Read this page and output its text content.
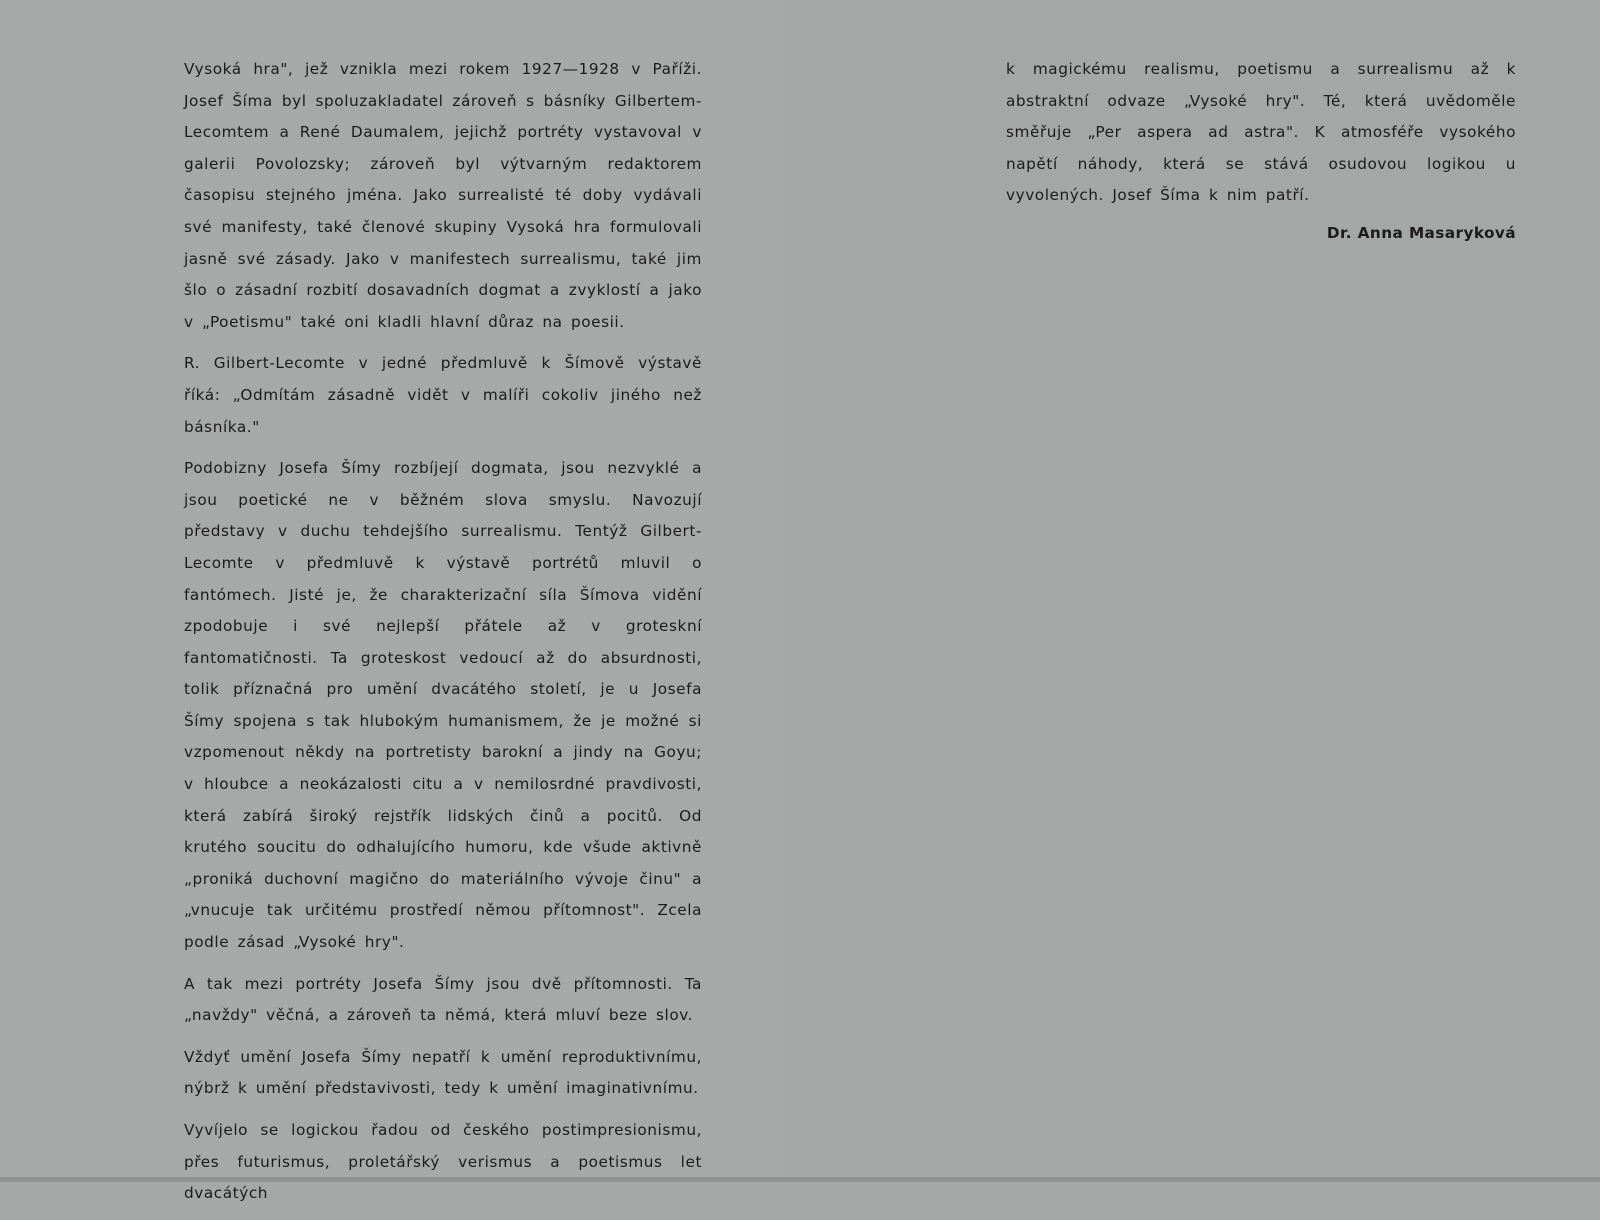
Vysoká hra", jež vznikla mezi rokem 1927—1928 v Paříži. Josef Šíma byl spoluzakladatel zároveň s básníky Gilbertem-Lecomtem a René Daumalem, jejichž portréty vystavoval v galerii Povolozsky; zároveň byl výtvarným redaktorem časopisu stejného jména. Jako surrealisté té doby vydávali své manifesty, také členové skupiny Vysoká hra formulovali jasně své zásady. Jako v manifestech surrealismu, také jim šlo o zásadní rozbití dosavadních dogmat a zvyklostí a jako v „Poetismu" také oni kladli hlavní důraz na poesii.

R. Gilbert-Lecomte v jedné předmluvě k Šímově výstavě říká: „Odmítám zásadně vidět v malíři cokoliv jiného než básníka."

Podobizny Josefa Šímy rozbíjejí dogmata, jsou nezvyklé a jsou poetické ne v běžném slova smyslu. Navozují představy v duchu tehdejšího surrealismu. Tentýž Gilbert-Lecomte v předmluvě k výstavě portrétů mluvil o fantómech. Jisté je, že charakterizační síla Šímova vidění zpodobuje i své nejlepší přátele až v groteskní fantomatičnosti. Ta groteskost vedoucí až do absurdnosti, tolik příznačná pro umění dvacátého století, je u Josefa Šímy spojena s tak hlubokým humanismem, že je možné si vzpomenout někdy na portretisty barokní a jindy na Goyu; v hloubce a neokázalosti citu a v nemilosrdné pravdivosti, která zabírá široký rejstřík lidských činů a pocitů. Od krutého soucitu do odhalujícího humoru, kde všude aktivně „proniká duchovní magično do materiálního vývoje činu" a „vnucuje tak určitému prostředí němou přítomnost". Zcela podle zásad „Vysoké hry".

A tak mezi portréty Josefa Šímy jsou dvě přítomnosti. Ta „navždy" věčná, a zároveň ta němá, která mluví beze slov.

Vždyť umění Josefa Šímy nepatří k umění reproduktivnímu, nýbrž k umění představivosti, tedy k umění imaginativnímu.

Vyvíjelo se logickou řadou od českého postimpresionismu, přes futurismus, proletářský verismus a poetismus let dvacátých

k magickému realismu, poetismu a surrealismu až k abstraktní odvaze „Vysoké hry". Té, která uvědoměle směřuje „Per aspera ad astra". K atmosféře vysokého napětí náhody, která se stává osudovou logikou u vyvolených. Josef Šíma k nim patří.

Dr. Anna Masaryková
